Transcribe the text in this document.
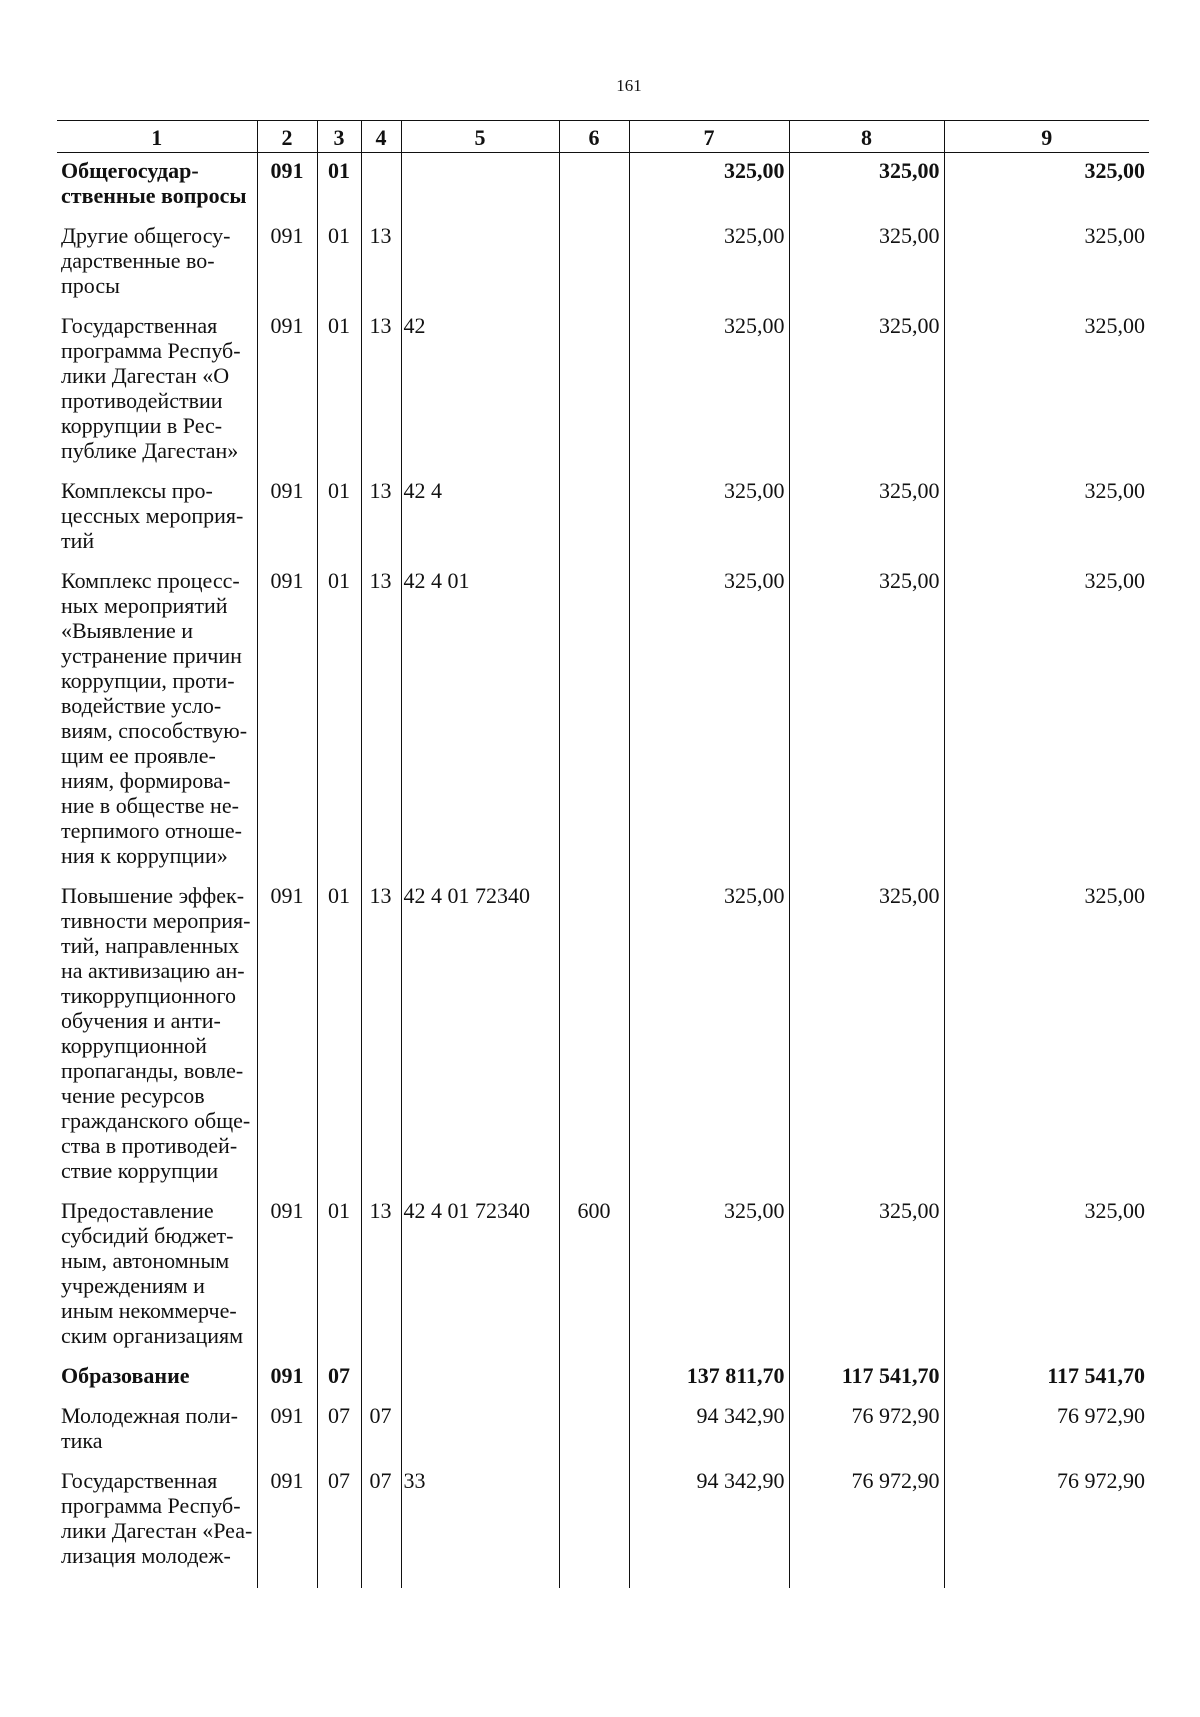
161
1	2	3	4	5	6	7	8	9
Общегосудар-ственные вопросы	091	01				325,00	325,00	325,00
Другие общегосу-дарственные во-просы	091	01	13			325,00	325,00	325,00
Государственная программа Респуб-лики Дагестан «О противодействии коррупции в Рес-публике Дагестан»	091	01	13	42		325,00	325,00	325,00
Комплексы про-цессных мероприя-тий	091	01	13	42 4		325,00	325,00	325,00
Комплекс процесс-ных мероприятий «Выявление и устранение причин коррупции, проти-водействие усло-виям, способствую-щим ее проявле-ниям, формирова-ние в обществе не-терпимого отноше-ния к коррупции»	091	01	13	42 4 01		325,00	325,00	325,00
Повышение эффек-тивности мероприя-тий, направленных на активизацию ан-тикоррупционного обучения и анти-коррупционной пропаганды, вовле-чение ресурсов гражданского обще-ства в противодей-ствие коррупции	091	01	13	42 4 01 72340		325,00	325,00	325,00
Предоставление субсидий бюджет-ным, автономным учреждениям и иным некоммерче-ским организациям	091	01	13	42 4 01 72340	600	325,00	325,00	325,00
Образование	091	07				137 811,70	117 541,70	117 541,70
Молодежная поли-тика	091	07	07			94 342,90	76 972,90	76 972,90
Государственная программа Респуб-лики Дагестан «Реа-лизация молодеж-	091	07	07	33		94 342,90	76 972,90	76 972,90
